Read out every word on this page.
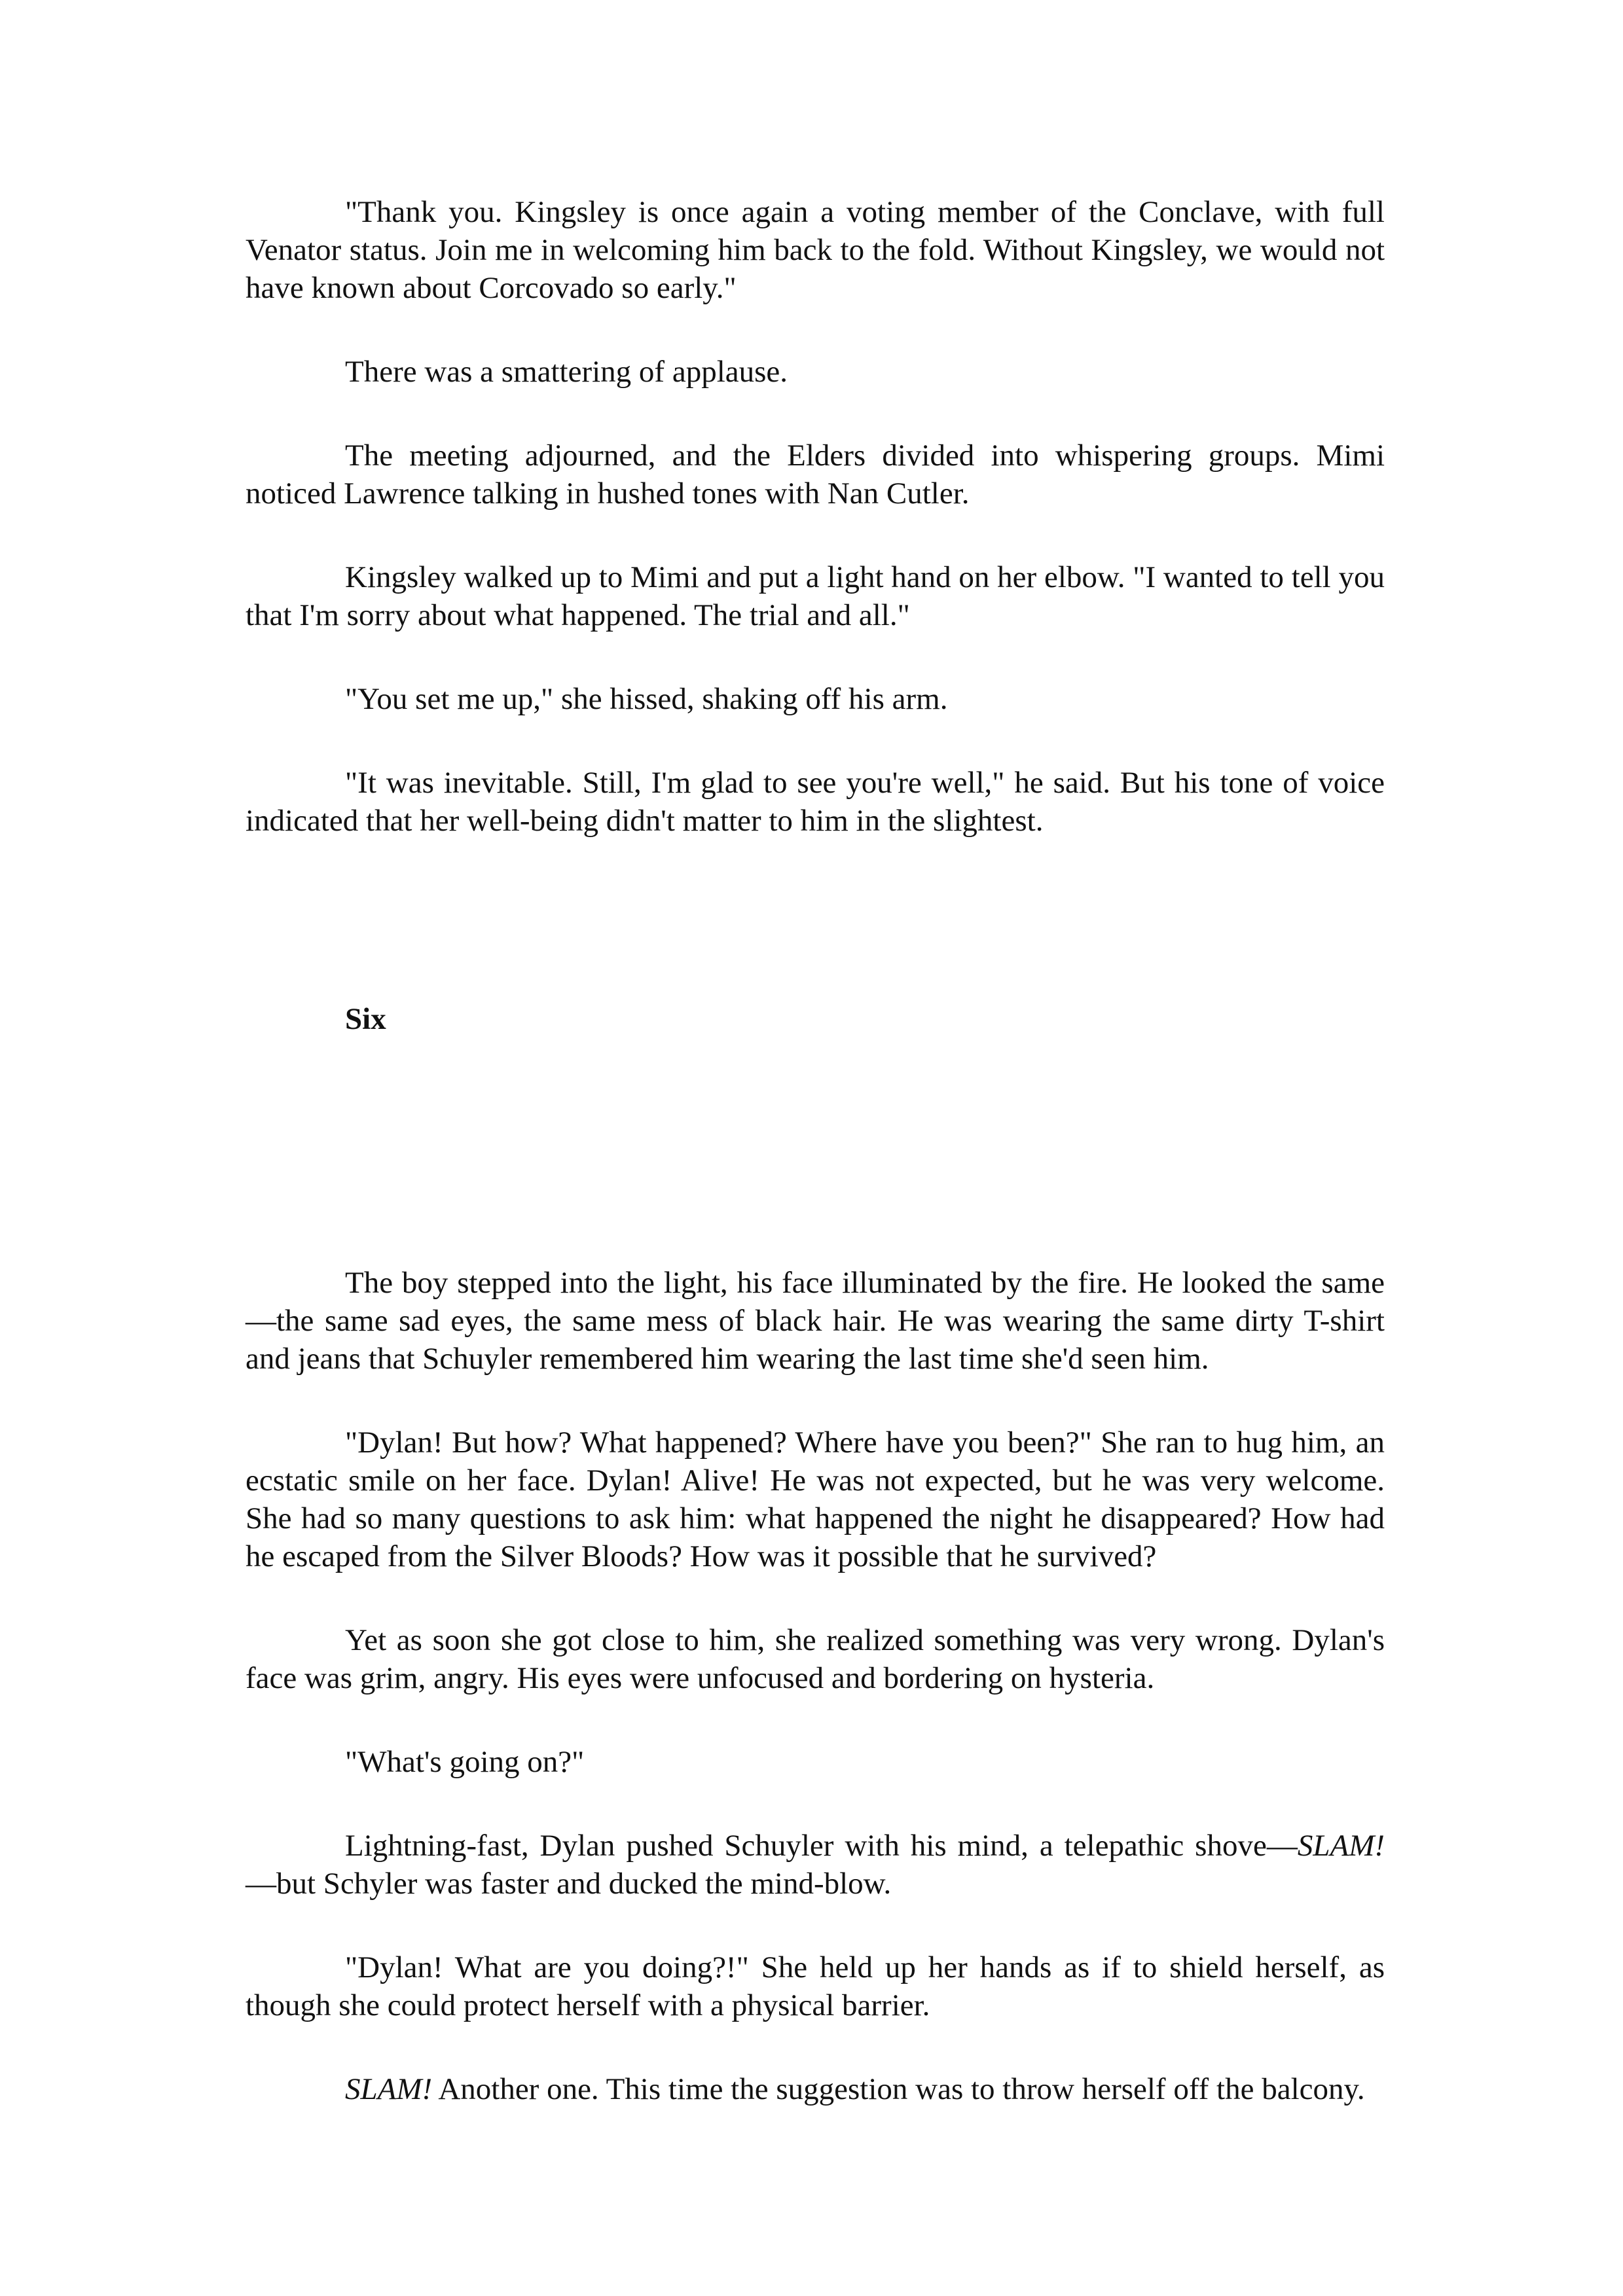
"Thank you. Kingsley is once again a voting member of the Conclave, with full Venator status. Join me in welcoming him back to the fold. Without Kingsley, we would not have known about Corcovado so early."

There was a smattering of applause.

The meeting adjourned, and the Elders divided into whispering groups. Mimi noticed Lawrence talking in hushed tones with Nan Cutler.

Kingsley walked up to Mimi and put a light hand on her elbow. "I wanted to tell you that I'm sorry about what happened. The trial and all."

"You set me up," she hissed, shaking off his arm.

"It was inevitable. Still, I'm glad to see you're well," he said. But his tone of voice indicated that her well-being didn't matter to him in the slightest.

Six

The boy stepped into the light, his face illuminated by the fire. He looked the same—the same sad eyes, the same mess of black hair. He was wearing the same dirty T-shirt and jeans that Schuyler remembered him wearing the last time she'd seen him.

"Dylan! But how? What happened? Where have you been?" She ran to hug him, an ecstatic smile on her face. Dylan! Alive! He was not expected, but he was very welcome. She had so many questions to ask him: what happened the night he disappeared? How had he escaped from the Silver Bloods? How was it possible that he survived?

Yet as soon she got close to him, she realized something was very wrong. Dylan's face was grim, angry. His eyes were unfocused and bordering on hysteria.

"What's going on?"

Lightning-fast, Dylan pushed Schuyler with his mind, a telepathic shove—SLAM!—but Schyler was faster and ducked the mind-blow.

"Dylan! What are you doing?!" She held up her hands as if to shield herself, as though she could protect herself with a physical barrier.

SLAM! Another one. This time the suggestion was to throw herself off the balcony.
